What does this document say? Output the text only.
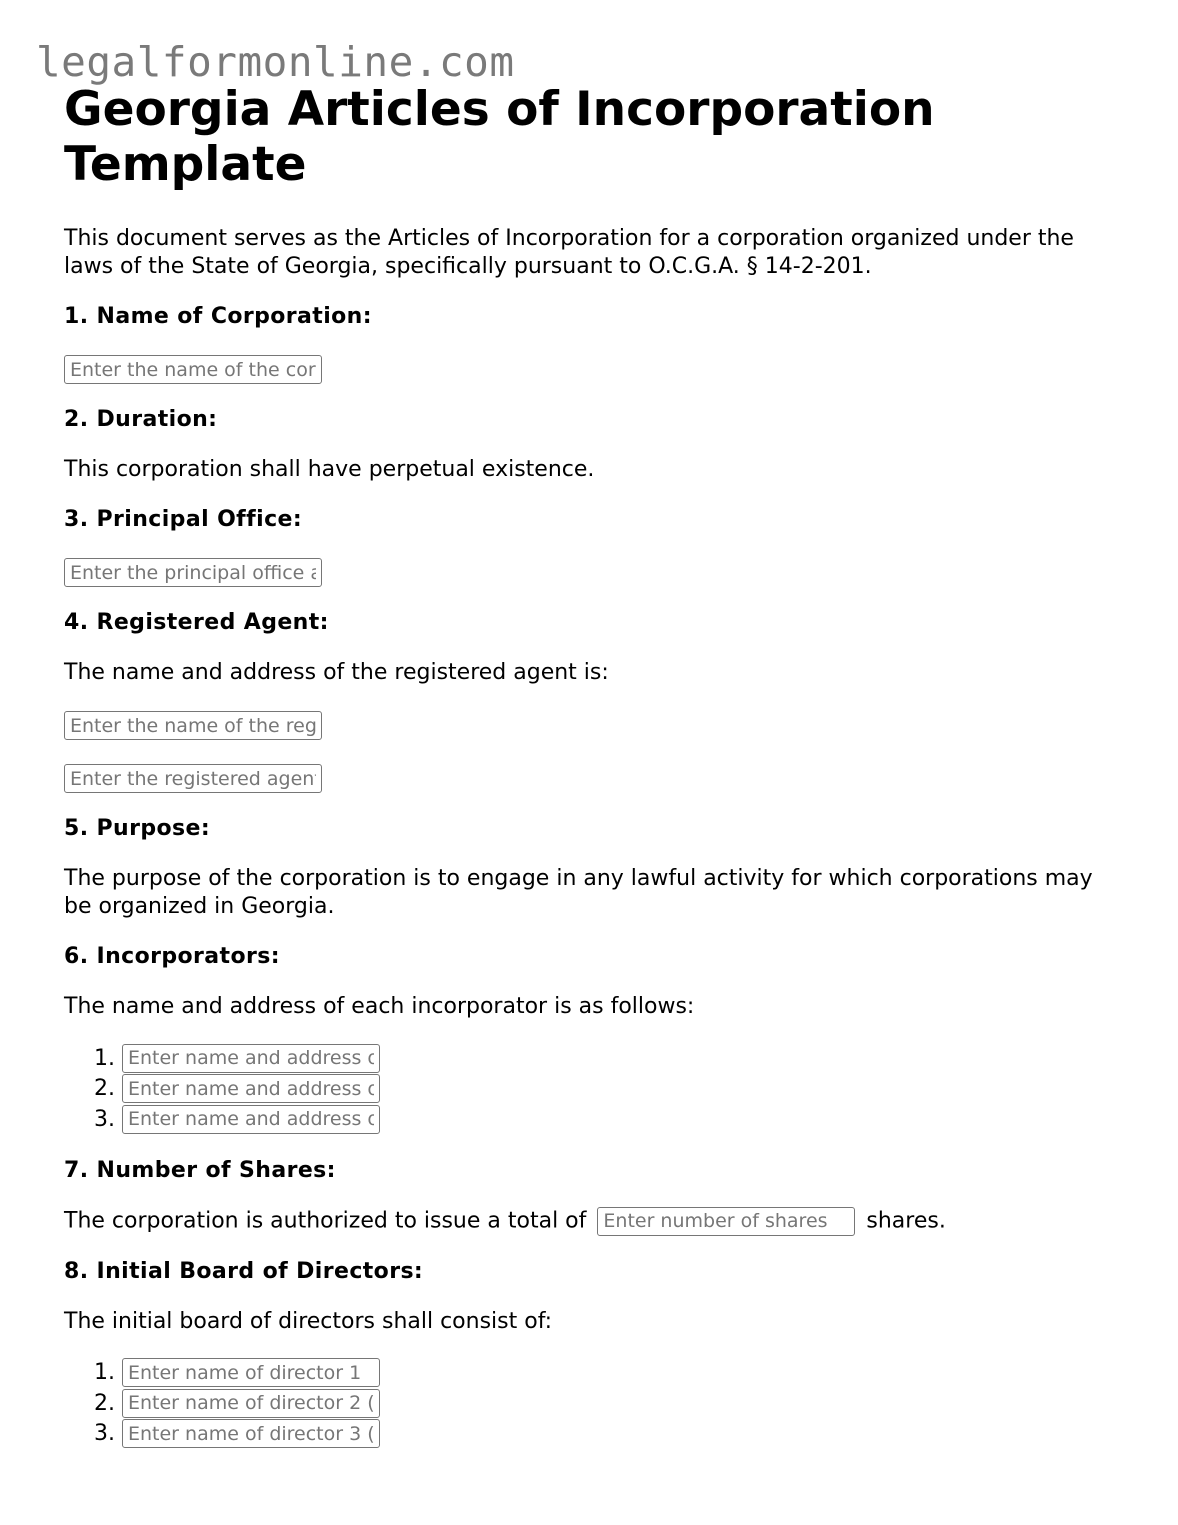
legalformonline.com
Georgia Articles of Incorporation Template

This document serves as the Articles of Incorporation for a corporation organized under the laws of the State of Georgia, specifically pursuant to O.C.G.A. § 14-2-201.

1. Name of Corporation:
Enter the name of the corporation
2. Duration:

This corporation shall have perpetual existence.

3. Principal Office:
Enter the principal office address
4. Registered Agent:

The name and address of the registered agent is:

Enter the name of the registered agent
Enter the registered agent address
5. Purpose:

The purpose of the corporation is to engage in any lawful activity for which corporations may be organized in Georgia.

6. Incorporators:

The name and address of each incorporator is as follows:

1.
Enter name and address of incorporator 1
2.
Enter name and address of incorporator 2
3.
Enter name and address of incorporator 3
7. Number of Shares:

The corporation is authorized to issue a total of Enter number of shares	shares.

8. Initial Board of Directors:

The initial board of directors shall consist of:

1.
Enter name of director 1
2.
Enter name of director 2 (if any)
3.
Enter name of director 3 (if any)
